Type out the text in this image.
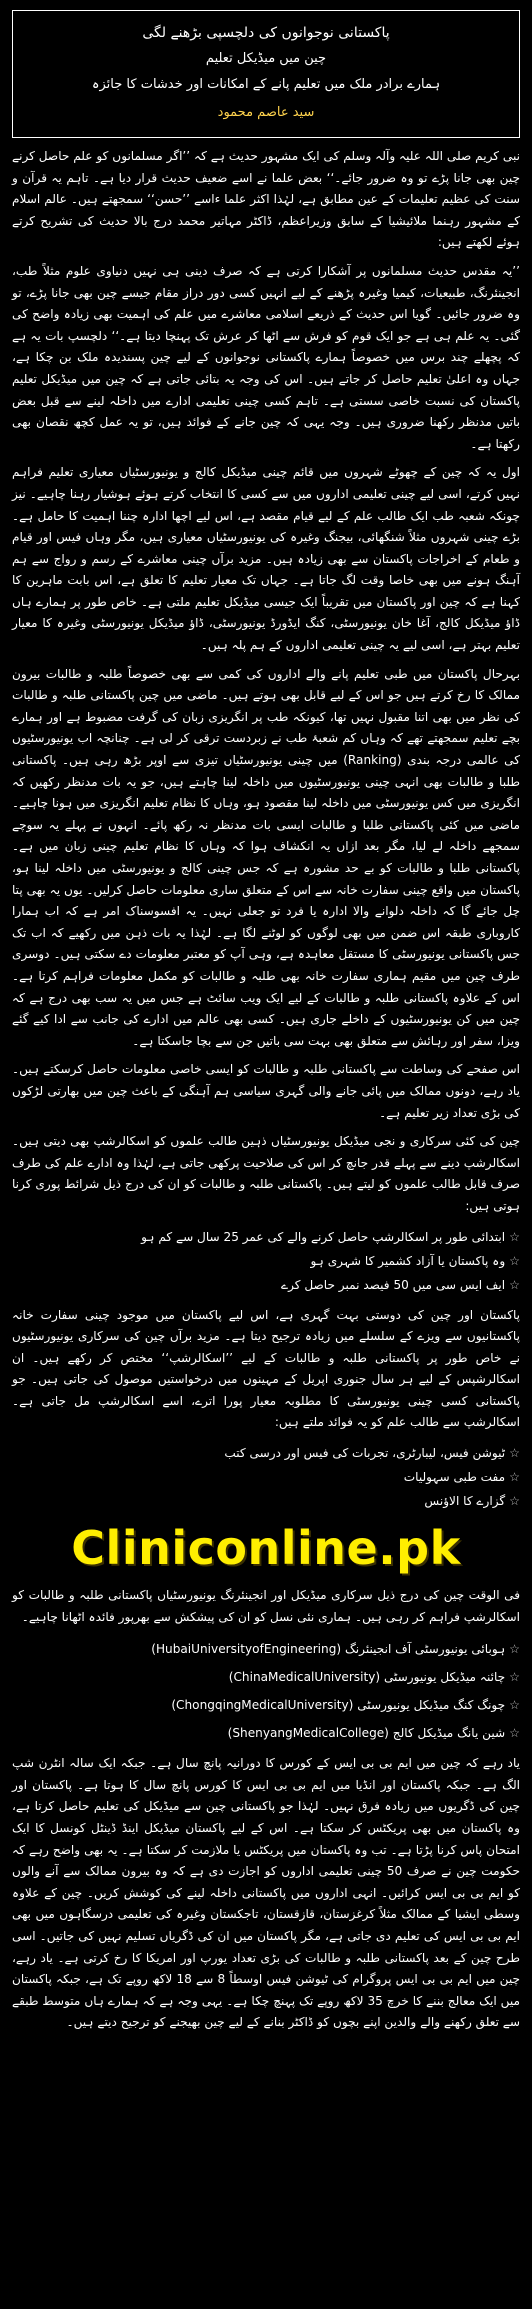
پاکستانی نوجوانوں کی دلچسپی بڑھنے لگی
چین میں میڈیکل تعلیم
ہمارے برادر ملک میں تعلیم پانے کے امکانات اور خدشات کا جائزہ
سید عاصم محمود

نبی کریم صلی اللہ علیہ وآلہ وسلم کی ایک مشہور حدیث ہے کہ ’’اگر مسلمانوں کو علم حاصل کرنے چین بھی جانا پڑے تو وہ ضرور جائے۔‘‘ بعض علما نے اسے ضعیف حدیث قرار دیا ہے۔ تاہم یہ قرآن و سنت کی عظیم تعلیمات کے عین مطابق ہے، لہٰذا اکثر علما ءاسے ’’حسن‘‘ سمجھتے ہیں۔ عالم اسلام کے مشہور رہنما ملائیشیا کے سابق وزیراعظم، ڈاکٹر مہاتیر محمد درج بالا حدیث کی تشریح کرتے ہوئے لکھتے ہیں:

’’یہ مقدس حدیث مسلمانوں پر آشکارا کرتی ہے کہ صرف دینی ہی نہیں دنیاوی علوم مثلاً طب، انجینئرنگ، طبیعیات، کیمیا وغیرہ پڑھنے کے لیے انہیں کسی دور دراز مقام جیسے چین بھی جانا پڑے، تو وہ ضرور جائیں۔ گویا اس حدیث کے ذریعے اسلامی معاشرے میں علم کی اہمیت بھی زیادہ واضح کی گئی۔ یہ علم ہی ہے جو ایک قوم کو فرش سے اٹھا کر عرش تک پہنچا دیتا ہے۔‘‘ دلچسپ بات یہ ہے کہ پچھلے چند برس میں خصوصاً ہمارے پاکستانی نوجوانوں کے لیے چین پسندیدہ ملک بن چکا ہے، جہاں وہ اعلیٰ تعلیم حاصل کر جاتے ہیں۔ اس کی وجہ یہ بتائی جاتی ہے کہ چین میں میڈیکل تعلیم پاکستان کی نسبت خاصی سستی ہے۔ تاہم کسی چینی تعلیمی ادارے میں داخلہ لینے سے قبل بعض باتیں مدنظر رکھنا ضروری ہیں۔ وجہ یہی کہ چین جانے کے فوائد ہیں، تو یہ عمل کچھ نقصان بھی رکھتا ہے۔

اول یہ کہ چین کے چھوٹے شہروں میں قائم چینی میڈیکل کالج و یونیورسٹیاں معیاری تعلیم فراہم نہیں کرتے، اسی لیے چینی تعلیمی اداروں میں سے کسی کا انتخاب کرتے ہوئے ہوشیار رہنا چاہیے۔ نیز چونکہ شعبہ طب ایک طالب علم کے لیے قیام مقصد ہے، اس لیے اچھا ادارہ چننا اہمیت کا حامل ہے۔ بڑے چینی شہروں مثلاً شنگھائی، بیجنگ وغیرہ کی یونیورسٹیاں معیاری ہیں، مگر وہاں فیس اور قیام و طعام کے اخراجات پاکستان سے بھی زیادہ ہیں۔ مزید برآں چینی معاشرے کے رسم و رواج سے ہم آہنگ ہونے میں بھی خاصا وقت لگ جاتا ہے۔ جہاں تک معیار تعلیم کا تعلق ہے، اس بابت ماہرین کا کہنا ہے کہ چین اور پاکستان میں تقریباً ایک جیسی میڈیکل تعلیم ملتی ہے۔ خاص طور پر ہمارے ہاں ڈاؤ میڈیکل کالج، آغا خان یونیورسٹی، کنگ ایڈورڈ یونیورسٹی، ڈاؤ میڈیکل یونیورسٹی وغیرہ کا معیار تعلیم بہتر ہے، اسی لیے یہ چینی تعلیمی اداروں کے ہم پلہ ہیں۔

بہرحال پاکستان میں طبی تعلیم پانے والے اداروں کی کمی سے بھی خصوصاً طلبہ و طالبات بیرون ممالک کا رخ کرتے ہیں جو اس کے لیے قابل بھی ہوتے ہیں۔ ماضی میں چین پاکستانی طلبہ و طالبات کی نظر میں بھی اتنا مقبول نہیں تھا، کیونکہ طب پر انگریزی زبان کی گرفت مضبوط ہے اور ہمارے بچے تعلیم سمجھتے تھے کہ وہاں کم شعبۂ طب نے زبردست ترقی کر لی ہے۔ چنانچہ اب یونیورسٹیوں کی عالمی درجہ بندی (Ranking) میں چینی یونیورسٹیاں تیزی سے اوپر بڑھ رہی ہیں۔ پاکستانی طلبا و طالبات بھی انہی چینی یونیورسٹیوں میں داخلہ لینا چاہتے ہیں، جو یہ بات مدنظر رکھیں کہ انگریزی میں کس یونیورسٹی میں داخلہ لینا مقصود ہو، وہاں کا نظام تعلیم انگریزی میں ہونا چاہیے۔ ماضی میں کئی پاکستانی طلبا و طالبات ایسی بات مدنظر نہ رکھ پائے۔ انہوں نے پہلے یہ سوچے سمجھے داخلہ لے لیا، مگر بعد ازاں یہ انکشاف ہوا کہ وہاں کا نظام تعلیم چینی زبان میں ہے۔ پاکستانی طلبا و طالبات کو بے حد مشورہ ہے کہ جس چینی کالج و یونیورسٹی میں داخلہ لینا ہو، پاکستان میں واقع چینی سفارت خانہ سے اس کے متعلق ساری معلومات حاصل کرلیں۔ یوں یہ بھی پتا چل جائے گا کہ داخلہ دلوانے والا ادارہ یا فرد تو جعلی نہیں۔ یہ افسوسناک امر ہے کہ اب ہمارا کاروباری طبقہ اس ضمن میں بھی لوگوں کو لوٹنے لگا ہے۔ لہٰذا یہ بات ذہن میں رکھیے کہ اب تک جس پاکستانی یونیورسٹی کا مستقل معاہدہ ہے، وہی آپ کو معتبر معلومات دے سکتی ہیں۔ دوسری طرف چین میں مقیم ہماری سفارت خانہ بھی طلبہ و طالبات کو مکمل معلومات فراہم کرتا ہے۔ اس کے علاوہ پاکستانی طلبہ و طالبات کے لیے ایک ویب سائٹ ہے جس میں یہ سب بھی درج ہے کہ چین میں کن یونیورسٹیوں کے داخلے جاری ہیں۔ کسی بھی عالم میں ادارے کی جانب سے ادا کیے گئے ویزا، سفر اور رہائش سے متعلق بھی بہت سی باتیں جن سے بچا جاسکتا ہے۔

اس صفحے کی وساطت سے پاکستانی طلبہ و طالبات کو ایسی خاصی معلومات حاصل کرسکتے ہیں۔ یاد رہے، دونوں ممالک میں پائی جانے والی گہری سیاسی ہم آہنگی کے باعث چین میں بھارتی لڑکوں کی بڑی تعداد زیر تعلیم ہے۔

چین کی کئی سرکاری و نجی میڈیکل یونیورسٹیاں ذہین طالب علموں کو اسکالرشپ بھی دیتی ہیں۔ اسکالرشپ دینے سے پہلے قدر جانچ کر اس کی صلاحیت پرکھی جاتی ہے، لہٰذا وہ ادارے علم کی طرف صرف قابل طالب علموں کو لیتے ہیں۔ پاکستانی طلبہ و طالبات کو ان کی درج ذیل شرائط پوری کرنا ہوتی ہیں:

☆ابتدائی طور پر اسکالرشپ حاصل کرنے والے کی عمر 25 سال سے کم ہو
☆وہ پاکستان یا آزاد کشمیر کا شہری ہو
☆ایف ایس سی میں 50 فیصد نمبر حاصل کرے

پاکستان اور چین کی دوستی بہت گہری ہے، اس لیے پاکستان میں موجود چینی سفارت خانہ پاکستانیوں سے ویزے کے سلسلے میں زیادہ ترجیح دیتا ہے۔ مزید برآں چین کی سرکاری یونیورسٹیوں نے خاص طور پر پاکستانی طلبہ و طالبات کے لیے ’’اسکالرشپ‘‘ مختص کر رکھے ہیں۔ ان اسکالرشپس کے لیے ہر سال جنوری اپریل کے مہینوں میں درخواستیں موصول کی جاتی ہیں۔ جو پاکستانی کسی چینی یونیورسٹی کا مطلوبہ معیار پورا اترے، اسے اسکالرشپ مل جاتی ہے۔ اسکالرشپ سے طالب علم کو یہ فوائد ملتے ہیں:

☆ٹیوشن فیس، لیبارٹری، تجربات کی فیس اور درسی کتب
☆مفت طبی سہولیات
☆گزارے کا الاؤنس
Cliniconline.pk

فی الوقت چین کی درج ذیل سرکاری میڈیکل اور انجینئرنگ یونیورسٹیاں پاکستانی طلبہ و طالبات کو اسکالرشپ فراہم کر رہی ہیں۔ ہماری نئی نسل کو ان کی پیشکش سے بھرپور فائدہ اٹھانا چاہیے۔

☆ہوبائی یونیورسٹی آف انجینئرنگ (HubaiUniversityofEngineering)
☆چائنہ میڈیکل یونیورسٹی (ChinaMedicalUniversity)
☆چونگ کنگ میڈیکل یونیورسٹی (ChongqingMedicalUniversity)
☆شین یانگ میڈیکل کالج (ShenyangMedicalCollege)

یاد رہے کہ چین میں ایم بی بی ایس کے کورس کا دورانیہ پانچ سال ہے۔ جبکہ ایک سالہ انٹرن شپ الگ ہے۔ جبکہ پاکستان اور انڈیا میں ایم بی بی ایس کا کورس پانچ سال کا ہوتا ہے۔ پاکستان اور چین کی ڈگریوں میں زیادہ فرق نہیں۔ لہٰذا جو پاکستانی چین سے میڈیکل کی تعلیم حاصل کرتا ہے، وہ پاکستان میں بھی پریکٹس کر سکتا ہے۔ اس کے لیے پاکستان میڈیکل اینڈ ڈینٹل کونسل کا ایک امتحان پاس کرنا پڑتا ہے۔ تب وہ پاکستان میں پریکٹس یا ملازمت کر سکتا ہے۔ یہ بھی واضح رہے کہ حکومت چین نے صرف 50 چینی تعلیمی اداروں کو اجازت دی ہے کہ وہ بیرون ممالک سے آنے والوں کو ایم بی بی ایس کرائیں۔ انہی اداروں میں پاکستانی داخلہ لینے کی کوشش کریں۔ چین کے علاوہ وسطی ایشیا کے ممالک مثلاً کرغزستان، قازقستان، تاجکستان وغیرہ کی تعلیمی درسگاہوں میں بھی ایم بی بی ایس کی تعلیم دی جاتی ہے، مگر پاکستان میں ان کی ڈگریاں تسلیم نہیں کی جاتیں۔ اسی طرح چین کے بعد پاکستانی طلبہ و طالبات کی بڑی تعداد یورپ اور امریکا کا رخ کرتی ہے۔ یاد رہے، چین میں ایم بی بی ایس پروگرام کی ٹیوشن فیس اوسطاً 8 سے 18 لاکھ روپے تک ہے، جبکہ پاکستان میں ایک معالج بننے کا خرچ 35 لاکھ روپے تک پہنچ چکا ہے۔ یہی وجہ ہے کہ ہمارے ہاں متوسط طبقے سے تعلق رکھنے والے والدین اپنے بچوں کو ڈاکٹر بنانے کے لیے چین بھیجنے کو ترجیح دیتے ہیں۔
